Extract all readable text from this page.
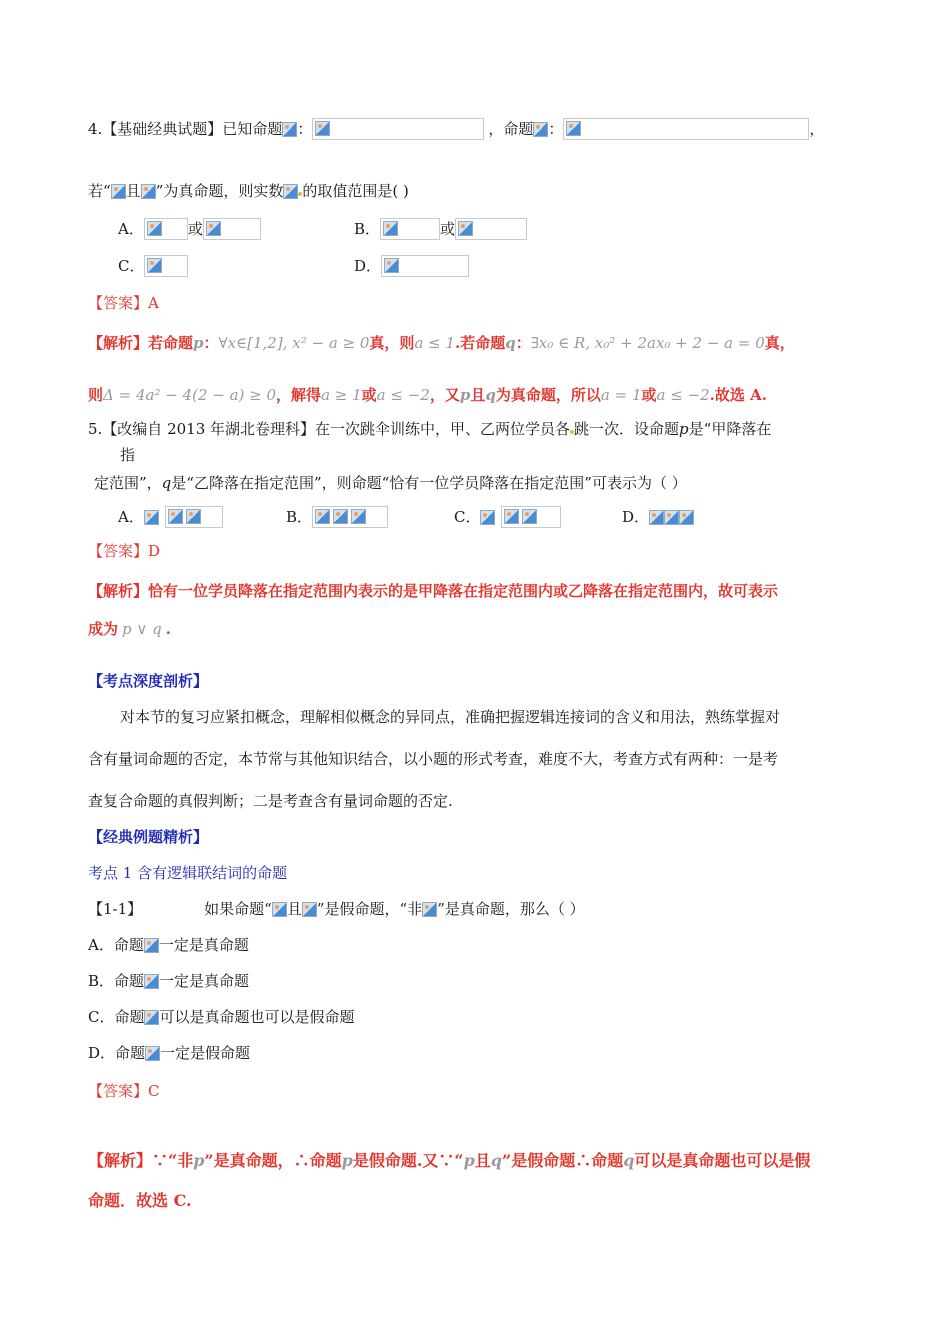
4.【基础经典试题】已知命题 ：	，命题 ：	，
若“ 且 ”为真命题，则实数 的取值范围是( )
A．	或	B．	或
C．	D．
【答案】A
【解析】若命题p：∀x∈[1,2], x² − a ≥ 0真，则a ≤ 1.若命题q：∃x₀ ∈ R, x₀² + 2ax₀ + 2 − a = 0真，
则Δ = 4a² − 4(2 − a) ≥ 0，解得a ≥ 1或a ≤ −2，又p且q为真命题，所以a = 1或a ≤ −2.故选 A.
5.【改编自 2013 年湖北卷理科】在一次跳伞训练中，甲、乙两位学员各 跳一次．设命题p是“甲降落在
指
定范围”，q是“乙降落在指定范围”，则命题“恰有一位学员降落在指定范围”可表示为（ ）
A．	B．	C．	D．
【答案】D
【解析】恰有一位学员降落在指定范围内表示的是甲降落在指定范围内或乙降落在指定范围内，故可表示
成为 p ∨ q .
【考点深度剖析】
对本节的复习应紧扣概念，理解相似概念的异同点，准确把握逻辑连接词的含义和用法，熟练掌握对
含有量词命题的否定，本节常与其他知识结合，以小题的形式考查，难度不大，考查方式有两种：一是考
查复合命题的真假判断；二是考查含有量词命题的否定.
【经典例题精析】
考点 1 含有逻辑联结词的命题
【1-1】	如果命题“ 且 ”是假命题，“非 ”是真命题，那么（ ）
A．命题 一定是真命题
B．命题 一定是真命题
C．命题 可以是真命题也可以是假命题
D．命题 一定是假命题
【答案】C
【解析】∵“非p”是真命题，∴命题p是假命题.又∵“p且q”是假命题∴命题q可以是真命题也可以是假
命题．故选 C.
